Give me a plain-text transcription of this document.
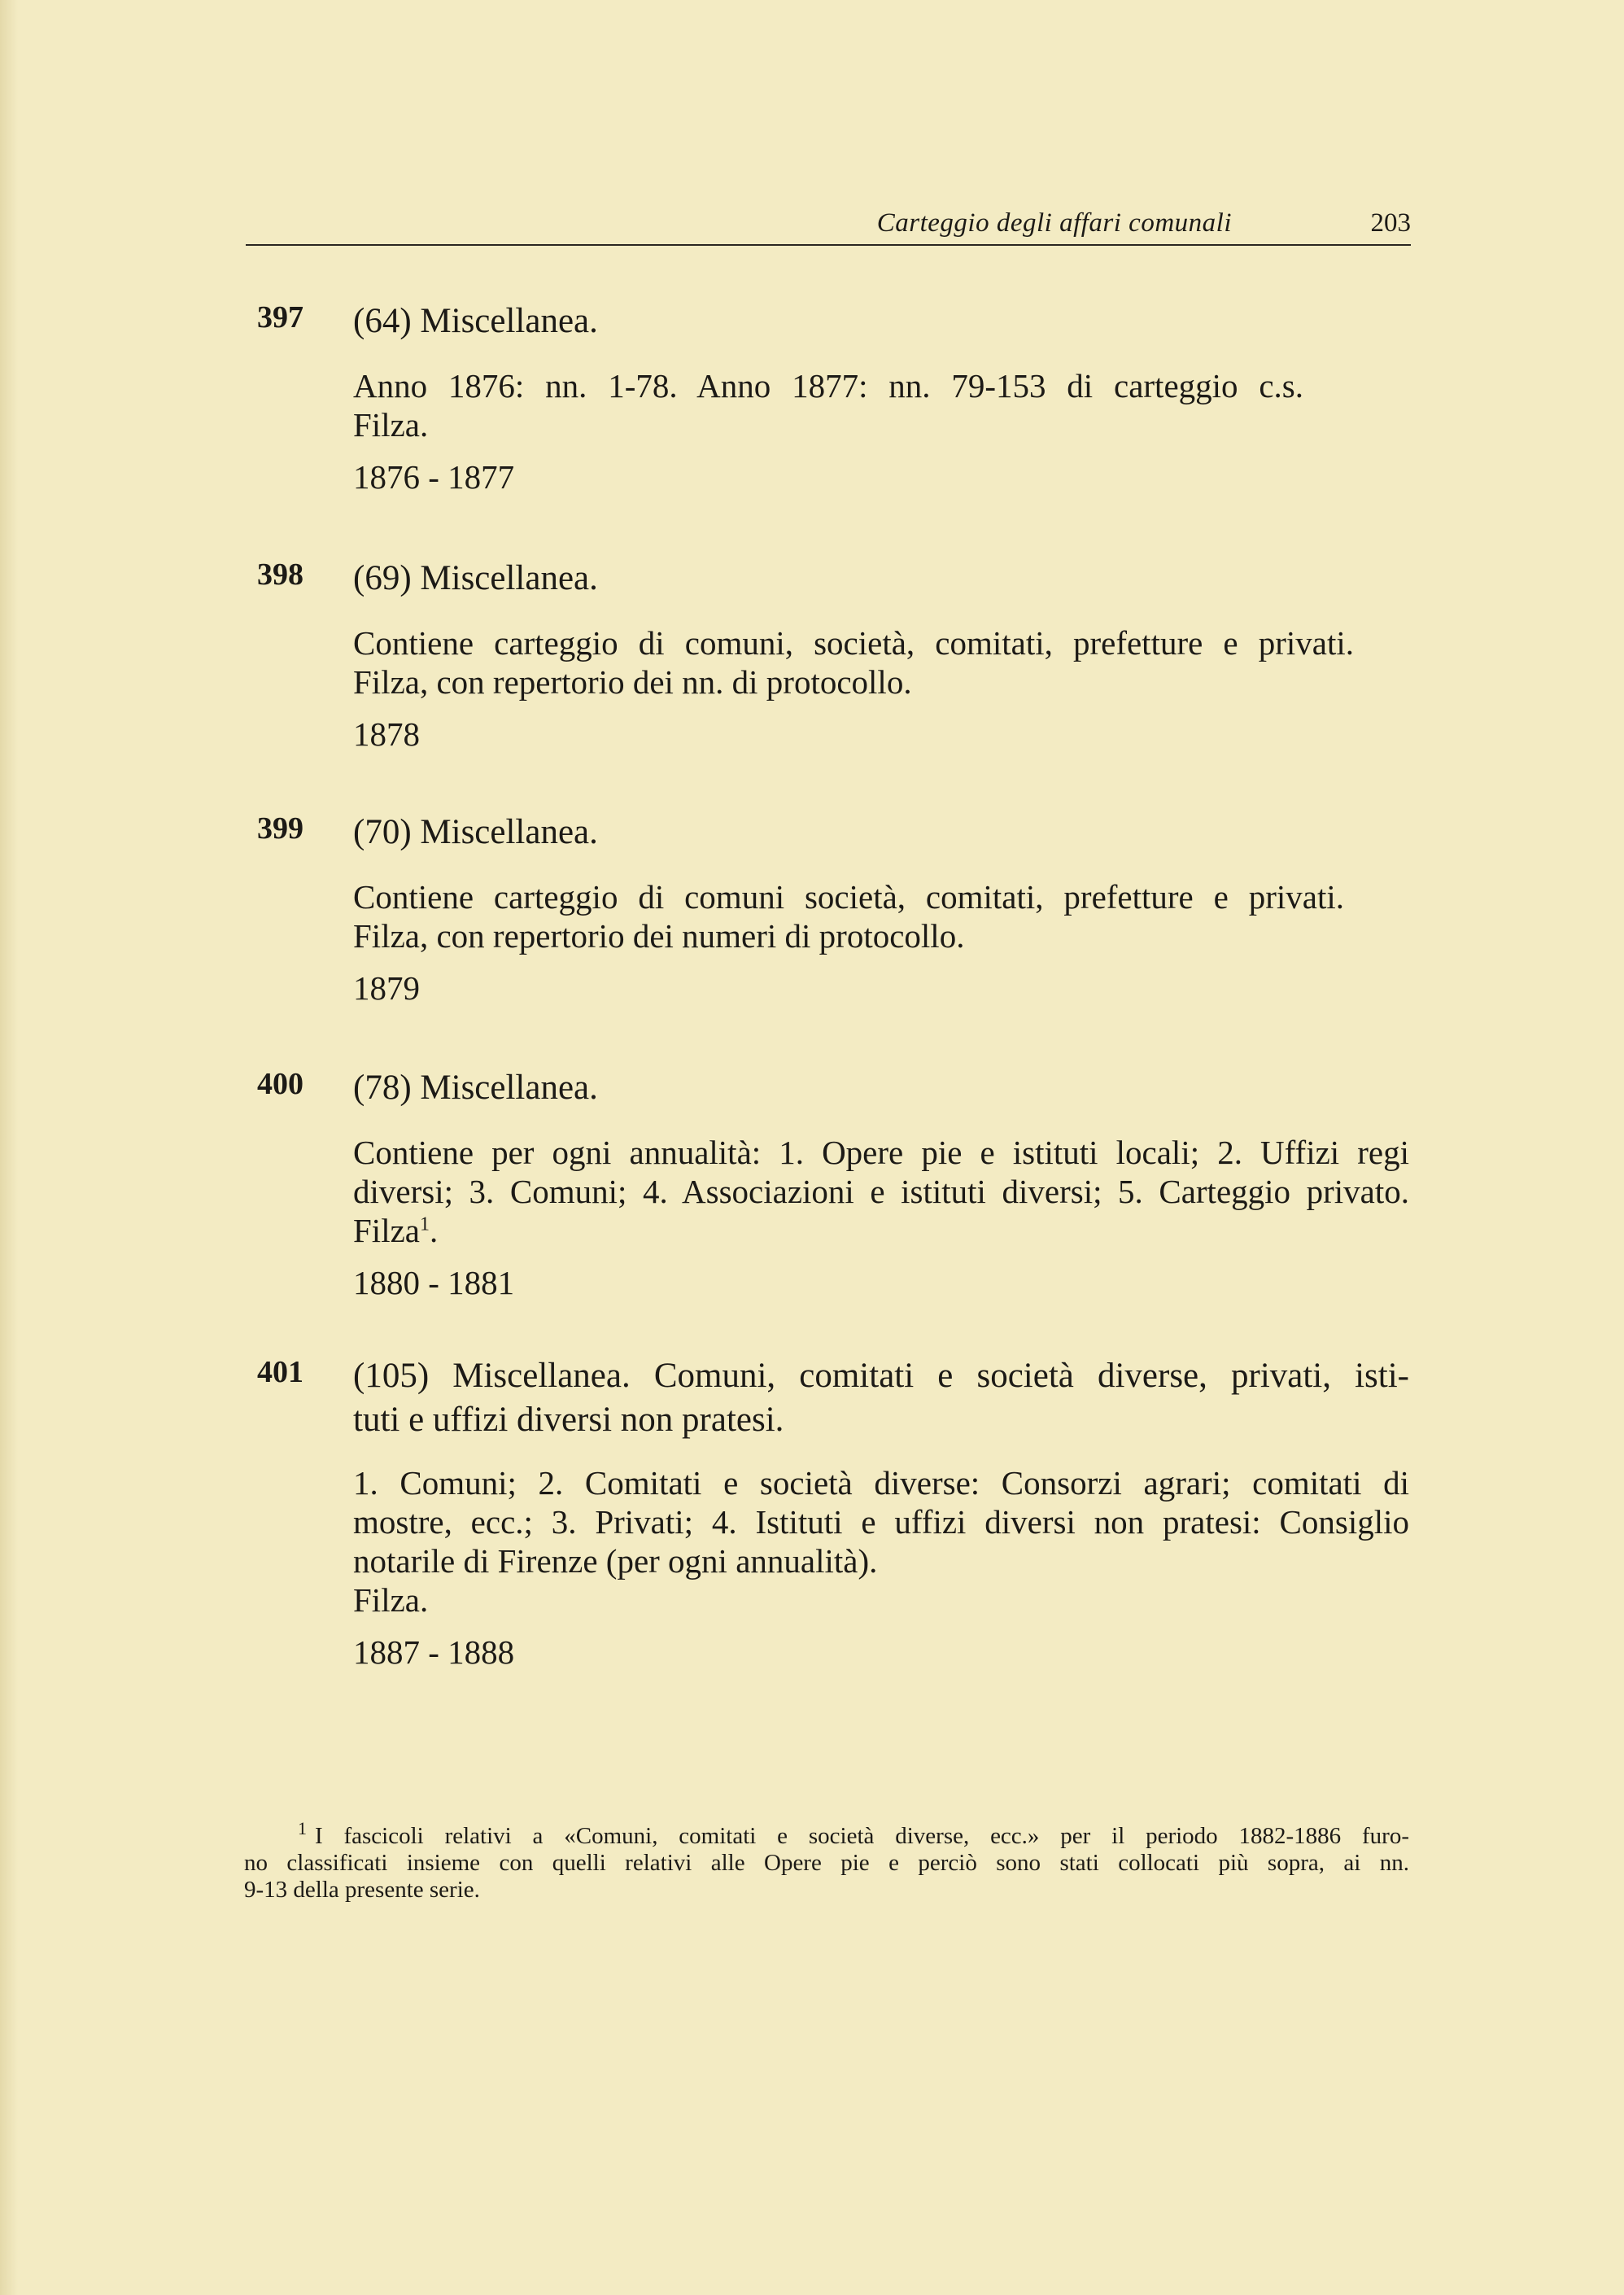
Carteggio degli affari comunali	203
397 (64) Miscellanea.

Anno 1876: nn. 1-78. Anno 1877: nn. 79-153 di carteggio c.s.

Filza.

1876 - 1877
398 (69) Miscellanea.

Contiene carteggio di comuni, società, comitati, prefetture e privati.

Filza, con repertorio dei nn. di protocollo.

1878
399 (70) Miscellanea.

Contiene carteggio di comuni società, comitati, prefetture e privati.

Filza, con repertorio dei numeri di protocollo.

1879
400 (78) Miscellanea.

Contiene per ogni annualità: 1. Opere pie e istituti locali; 2. Uffizi regi

diversi; 3. Comuni; 4. Associazioni e istituti diversi; 5. Carteggio privato.

Filza$^1$.

1880 - 1881
401 (105) Miscellanea. Comuni, comitati e società diverse, privati, isti-
tuti e uffizi diversi non pratesi.

1. Comuni; 2. Comitati e società diverse: Consorzi agrari; comitati di

mostre, ecc.; 3. Privati; 4. Istituti e uffizi diversi non pratesi: Consiglio

notarile di Firenze (per ogni annualità).

Filza.

1887 - 1888

$^1$ I fascicoli relativi a «Comuni, comitati e società diverse, ecc.» per il periodo 1882-1886 furo-

no classificati insieme con quelli relativi alle Opere pie e perciò sono stati collocati più sopra, ai nn.

9-13 della presente serie.
